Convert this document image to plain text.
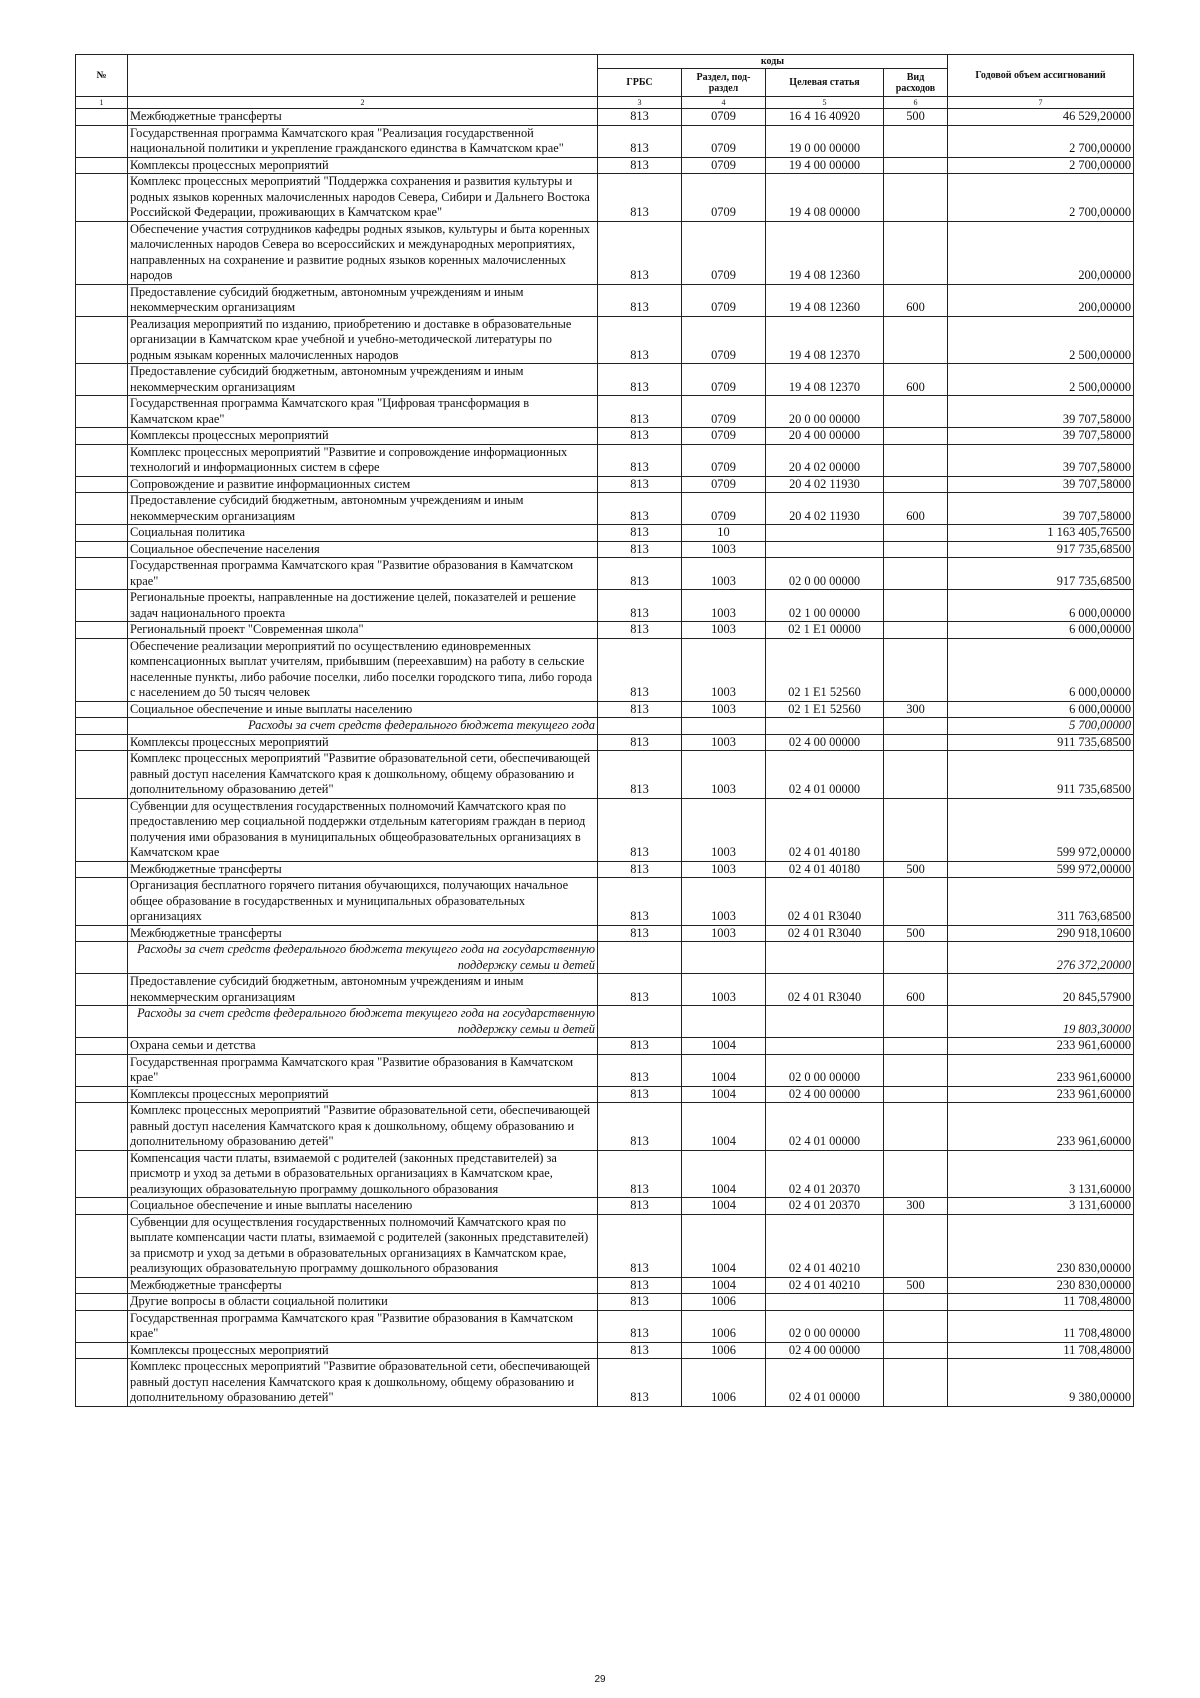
№		коды				Годовой объем ассигнований
		ГРБС	Раздел, под-раздел	Целевая статья	Вид расходов	
1	2	3	4	5	6	7
	Межбюджетные трансферты	813	0709	16 4 16 40920	500	46 529,20000
	Государственная программа Камчатского края "Реализация государственной национальной политики и укрепление гражданского единства в Камчатском крае"	813	0709	19 0 00 00000		2 700,00000
	Комплексы процессных мероприятий	813	0709	19 4 00 00000		2 700,00000
	Комплекс процессных мероприятий "Поддержка сохранения и развития культуры и родных языков коренных малочисленных народов Севера, Сибири и Дальнего Востока Российской Федерации, проживающих в Камчатском крае"	813	0709	19 4 08 00000		2 700,00000
	Обеспечение участия сотрудников кафедры родных языков, культуры и быта коренных малочисленных народов Севера во всероссийских и международных мероприятиях, направленных на сохранение и развитие родных языков коренных малочисленных народов	813	0709	19 4 08 12360		200,00000
	Предоставление субсидий бюджетным, автономным учреждениям и иным некоммерческим организациям	813	0709	19 4 08 12360	600	200,00000
	Реализация мероприятий по изданию, приобретению и доставке в образовательные организации в Камчатском крае учебной и учебно-методической литературы по родным языкам коренных малочисленных народов	813	0709	19 4 08 12370		2 500,00000
	Предоставление субсидий бюджетным, автономным учреждениям и иным некоммерческим организациям	813	0709	19 4 08 12370	600	2 500,00000
	Государственная программа Камчатского края "Цифровая трансформация в Камчатском крае"	813	0709	20 0 00 00000		39 707,58000
	Комплексы процессных мероприятий	813	0709	20 4 00 00000		39 707,58000
	Комплекс процессных мероприятий "Развитие и сопровождение информационных технологий и информационных систем в сфере	813	0709	20 4 02 00000		39 707,58000
	Сопровождение и развитие информационных систем	813	0709	20 4 02 11930		39 707,58000
	Предоставление субсидий бюджетным, автономным учреждениям и иным некоммерческим организациям	813	0709	20 4 02 11930	600	39 707,58000
	Социальная политика	813	10			1 163 405,76500
	Социальное обеспечение населения	813	1003			917 735,68500
	Государственная программа Камчатского края "Развитие образования в Камчатском крае"	813	1003	02 0 00 00000		917 735,68500
	Региональные проекты, направленные на достижение целей, показателей и решение задач национального проекта	813	1003	02 1 00 00000		6 000,00000
	Региональный проект "Современная школа"	813	1003	02 1 Е1 00000		6 000,00000
	Обеспечение реализации мероприятий по осуществлению единовременных компенсационных выплат учителям, прибывшим (переехавшим) на работу в сельские населенные пункты, либо рабочие поселки, либо поселки городского типа, либо города с населением до 50 тысяч человек	813	1003	02 1 Е1 52560		6 000,00000
	Социальное обеспечение и иные выплаты населению	813	1003	02 1 Е1 52560	300	6 000,00000
	Расходы за счет средств федерального бюджета текущего года					5 700,00000
	Комплексы процессных мероприятий	813	1003	02 4 00 00000		911 735,68500
	Комплекс процессных мероприятий "Развитие образовательной сети, обеспечивающей равный доступ населения Камчатского края к дошкольному, общему образованию и дополнительному образованию детей"	813	1003	02 4 01 00000		911 735,68500
	Субвенции для осуществления государственных полномочий Камчатского края по предоставлению мер социальной поддержки отдельным категориям граждан в период получения ими образования в муниципальных общеобразовательных организациях в Камчатском крае	813	1003	02 4 01 40180		599 972,00000
	Межбюджетные трансферты	813	1003	02 4 01 40180	500	599 972,00000
	Организация бесплатного горячего питания обучающихся, получающих начальное общее образование в государственных и муниципальных образовательных организациях	813	1003	02 4 01 R3040		311 763,68500
	Межбюджетные трансферты	813	1003	02 4 01 R3040	500	290 918,10600
	Расходы за счет средств федерального бюджета текущего года на государственную поддержку семьи и детей					276 372,20000
	Предоставление субсидий бюджетным, автономным учреждениям и иным некоммерческим организациям	813	1003	02 4 01 R3040	600	20 845,57900
	Расходы за счет средств федерального бюджета текущего года на государственную поддержку семьи и детей					19 803,30000
	Охрана семьи и детства	813	1004			233 961,60000
	Государственная программа Камчатского края "Развитие образования в Камчатском крае"	813	1004	02 0 00 00000		233 961,60000
	Комплексы процессных мероприятий	813	1004	02 4 00 00000		233 961,60000
	Комплекс процессных мероприятий "Развитие образовательной сети, обеспечивающей равный доступ населения Камчатского края к дошкольному, общему образованию и дополнительному образованию детей"	813	1004	02 4 01 00000		233 961,60000
	Компенсация части платы, взимаемой с родителей (законных представителей) за присмотр и уход за детьми в образовательных организациях в Камчатском крае, реализующих образовательную программу дошкольного образования	813	1004	02 4 01 20370		3 131,60000
	Социальное обеспечение и иные выплаты населению	813	1004	02 4 01 20370	300	3 131,60000
	Субвенции для осуществления государственных полномочий Камчатского края по выплате компенсации части платы, взимаемой с родителей (законных представителей) за присмотр и уход за детьми в образовательных организациях в Камчатском крае, реализующих образовательную программу дошкольного образования	813	1004	02 4 01 40210		230 830,00000
	Межбюджетные трансферты	813	1004	02 4 01 40210	500	230 830,00000
	Другие вопросы в области социальной политики	813	1006			11 708,48000
	Государственная программа Камчатского края "Развитие образования в Камчатском крае"	813	1006	02 0 00 00000		11 708,48000
	Комплексы процессных мероприятий	813	1006	02 4 00 00000		11 708,48000
	Комплекс процессных мероприятий "Развитие образовательной сети, обеспечивающей равный доступ населения Камчатского края к дошкольному, общему образованию и дополнительному образованию детей"	813	1006	02 4 01 00000		9 380,00000
29
